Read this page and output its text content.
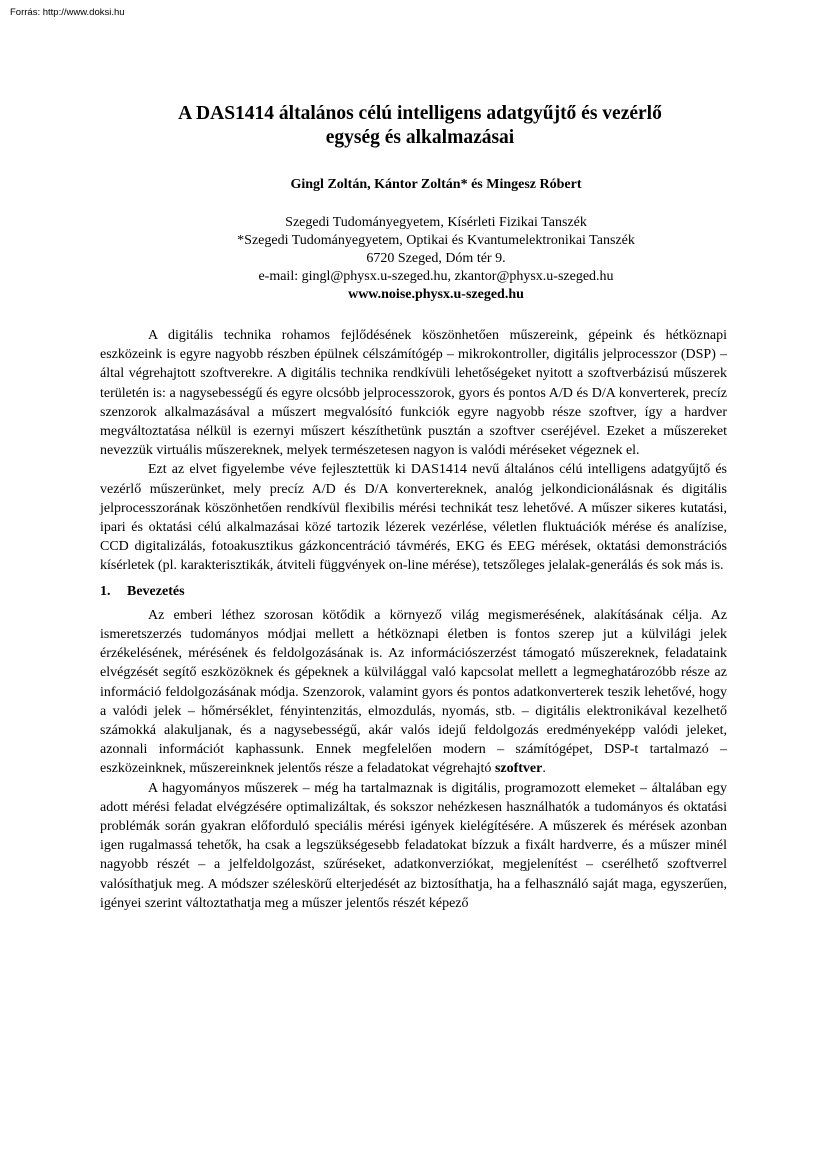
Forrás: http://www.doksi.hu
A DAS1414 általános célú intelligens adatgyűjtő és vezérlő
egység és alkalmazásai
Gingl Zoltán, Kántor Zoltán* és Mingesz Róbert
Szegedi Tudományegyetem, Kísérleti Fizikai Tanszék
*Szegedi Tudományegyetem, Optikai és Kvantumelektronikai Tanszék
6720 Szeged, Dóm tér 9.
e-mail: gingl@physx.u-szeged.hu, zkantor@physx.u-szeged.hu
www.noise.physx.u-szeged.hu

A digitális technika rohamos fejlődésének köszönhetően műszereink, gépeink és hétköznapi eszközeink is egyre nagyobb részben épülnek célszámítógép – mikrokontroller, digitális jelprocesszor (DSP) – által végrehajtott szoftverekre. A digitális technika rendkívüli lehetőségeket nyitott a szoftverbázisú műszerek területén is: a nagysebességű és egyre olcsóbb jelprocesszorok, gyors és pontos A/D és D/A konverterek, precíz szenzorok alkalmazásával a műszert megvalósító funkciók egyre nagyobb része szoftver, így a hardver megváltoztatása nélkül is ezernyi műszert készíthetünk pusztán a szoftver cseréjével. Ezeket a műszereket nevezzük virtuális műszereknek, melyek természetesen nagyon is valódi méréseket végeznek el.

Ezt az elvet figyelembe véve fejlesztettük ki DAS1414 nevű általános célú intelligens adatgyűjtő és vezérlő műszerünket, mely precíz A/D és D/A konvertereknek, analóg jelkondicionálásnak és digitális jelprocesszorának köszönhetően rendkívül flexibilis mérési technikát tesz lehetővé. A műszer sikeres kutatási, ipari és oktatási célú alkalmazásai közé tartozik lézerek vezérlése, véletlen fluktuációk mérése és analízise, CCD digitalizálás, fotoakusztikus gázkoncentráció távmérés, EKG és EEG mérések, oktatási demonstrációs kísérletek (pl. karakterisztikák, átviteli függvények on-line mérése), tetszőleges jelalak-generálás és sok más is.

1. Bevezetés

Az emberi léthez szorosan kötődik a környező világ megismerésének, alakításának célja. Az ismeretszerzés tudományos módjai mellett a hétköznapi életben is fontos szerep jut a külvilági jelek érzékelésének, mérésének és feldolgozásának is. Az információszerzést támogató műszereknek, feladataink elvégzését segítő eszközöknek és gépeknek a külvilággal való kapcsolat mellett a legmeghatározóbb része az információ feldolgozásának módja. Szenzorok, valamint gyors és pontos adatkonverterek teszik lehetővé, hogy a valódi jelek – hőmérséklet, fényintenzitás, elmozdulás, nyomás, stb. – digitális elektronikával kezelhető számokká alakuljanak, és a nagysebességű, akár valós idejű feldolgozás eredményeképp valódi jeleket, azonnali információt kaphassunk. Ennek megfelelően modern – számítógépet, DSP-t tartalmazó – eszközeinknek, műszereinknek jelentős része a feladatokat végrehajtó szoftver.

A hagyományos műszerek – még ha tartalmaznak is digitális, programozott elemeket – általában egy adott mérési feladat elvégzésére optimalizáltak, és sokszor nehézkesen használhatók a tudományos és oktatási problémák során gyakran előforduló speciális mérési igények kielégítésére. A műszerek és mérések azonban igen rugalmassá tehetők, ha csak a legszükségesebb feladatokat bízzuk a fixált hardverre, és a műszer minél nagyobb részét – a jelfeldolgozást, szűréseket, adatkonverziókat, megjelenítést – cserélhető szoftverrel valósíthatjuk meg. A módszer széleskörű elterjedését az biztosíthatja, ha a felhasználó saját maga, egyszerűen, igényei szerint változtathatja meg a műszer jelentős részét képező
